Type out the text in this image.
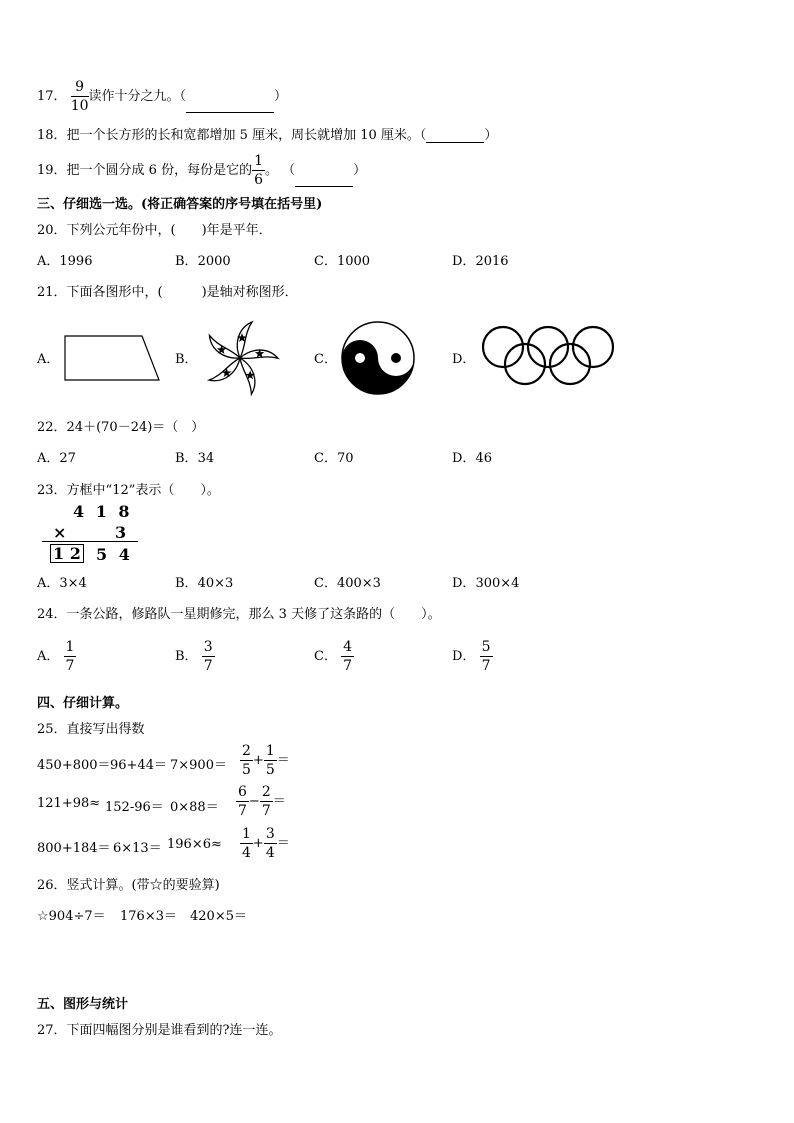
17． $\frac{9}{10}$ 读作十分之九。（	）
18．把一个长方形的长和宽都增加 5 厘米，周长就增加 10 厘米。（	）
19．把一个圆分成 6 份，每份是它的 $\frac{1}{6}$ 。 （	）
三、仔细选一选。(将正确答案的序号填在括号里)
20．下列公元年份中，(　　)年是平年．
A．1996	B．2000	C．1000	D．2016
21．下面各图形中，(　　　)是轴对称图形．
A．	B．	C．	D．
22．24＋(70－24)＝（　）
A．27	B．34	C．70	D．46
23．方框中“12”表示（　　）。
4 1 8
×	3
1 2 5 4
A．3×4	B．40×3	C．400×3	D．300×4
24．一条公路，修路队一星期修完，那么 3 天修了这条路的（　　）。
A． $\frac{1}{7}$	B． $\frac{3}{7}$	C． $\frac{4}{7}$	D． $\frac{5}{7}$
四、仔细计算。
25．直接写出得数
$450+800= 96+44= 7\times 900= \frac{2}{5} + \frac{1}{5}$ ＝
$121+98\approx 152-96= 0\times 88= \frac{6}{7} - \frac{2}{7}$ ＝
$800+184= 6\times 13= 196\times 6\approx \frac{1}{4} + \frac{3}{4}$ ＝
26．竖式计算。(带☆的要验算)
☆904÷7＝ 176×3＝ 420×5＝
五、图形与统计
27．下面四幅图分别是谁看到的?连一连。
